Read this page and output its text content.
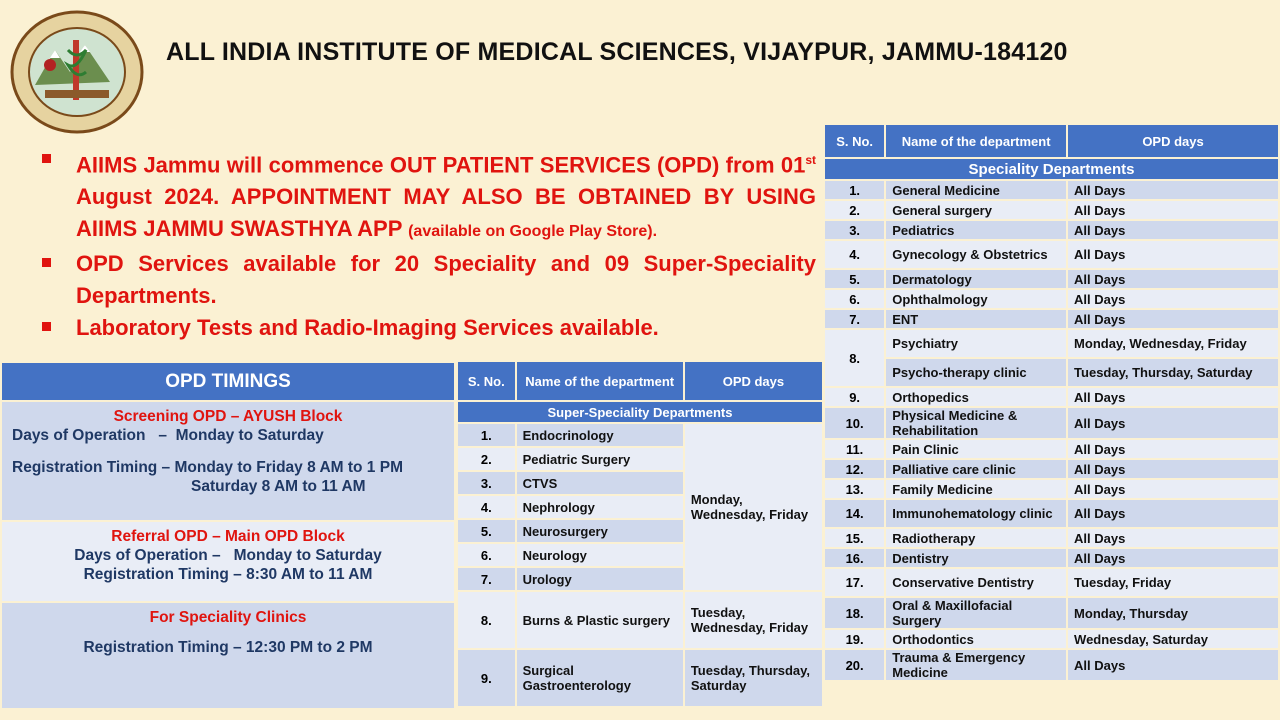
ALL INDIA INSTITUTE OF MEDICAL SCIENCES, VIJAYPUR, JAMMU-184120
AIIMS Jammu will commence OUT PATIENT SERVICES (OPD) from 01st August 2024. APPOINTMENT MAY ALSO BE OBTAINED BY USING AIIMS JAMMU SWASTHYA APP (available on Google Play Store).
OPD Services available for 20 Speciality and 09 Super-Speciality Departments.
Laboratory Tests and Radio-Imaging Services available.
OPD TIMINGS
Screening OPD – AYUSH Block
Days of Operation   –  Monday to Saturday
Registration Timing – Monday to Friday 8 AM to 1 PM
Saturday 8 AM to 11 AM
Referral OPD – Main OPD Block
Days of Operation –   Monday to Saturday
Registration Timing – 8:30 AM to 11 AM
For Speciality Clinics
Registration Timing – 12:30 PM to 2 PM
S. No.	Name of the department	OPD days
Super-Speciality Departments		
1.	Endocrinology	Monday, Wednesday, Friday
2.	Pediatric Surgery	
3.	CTVS	
4.	Nephrology	
5.	Neurosurgery	
6.	Neurology	
7.	Urology	
8.	Burns & Plastic surgery	Tuesday, Wednesday, Friday
9.	Surgical Gastroenterology	Tuesday, Thursday, Saturday
S. No.	Name of the department	OPD days
Speciality Departments		
1.	General Medicine	All Days
2.	General surgery	All Days
3.	Pediatrics	All Days
4.	Gynecology & Obstetrics	All Days
5.	Dermatology	All Days
6.	Ophthalmology	All Days
7.	ENT	All Days
8.	Psychiatry	Monday, Wednesday, Friday
	Psycho-therapy clinic	Tuesday, Thursday, Saturday
9.	Orthopedics	All Days
10.	Physical Medicine & Rehabilitation	All Days
11.	Pain Clinic	All Days
12.	Palliative care clinic	All Days
13.	Family Medicine	All Days
14.	Immunohematology clinic	All Days
15.	Radiotherapy	All Days
16.	Dentistry	All Days
17.	Conservative Dentistry	Tuesday, Friday
18.	Oral & Maxillofacial Surgery	Monday, Thursday
19.	Orthodontics	Wednesday, Saturday
20.	Trauma & Emergency Medicine	All Days
